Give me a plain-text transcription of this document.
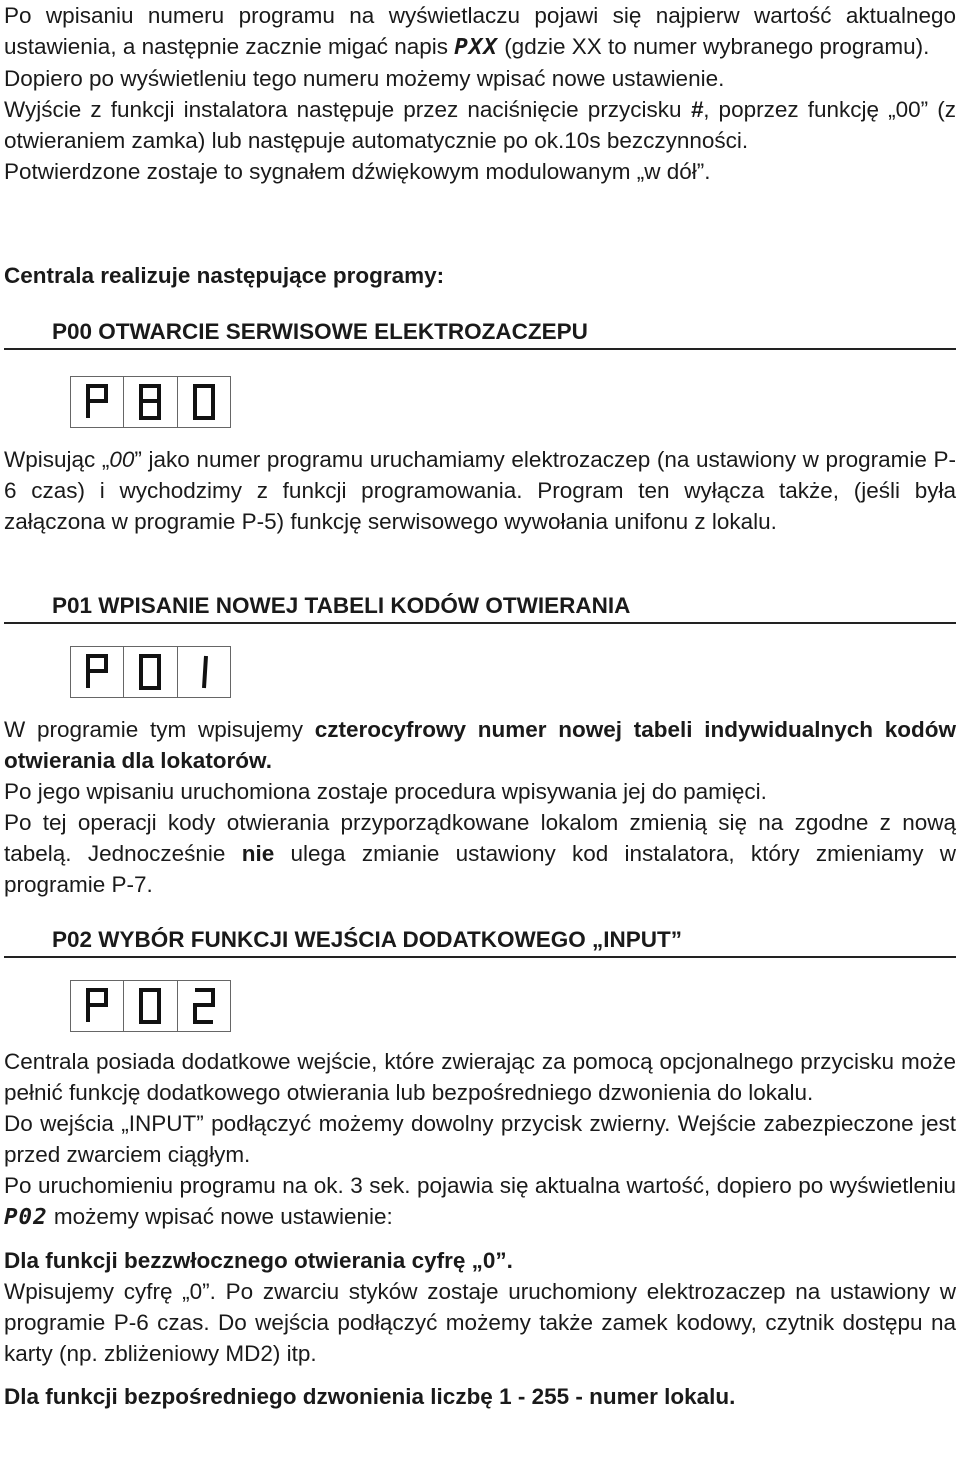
Po wpisaniu numeru programu na wyświetlaczu pojawi się najpierw wartość aktualnego ustawienia, a następnie zacznie migać napis PXX (gdzie XX to numer wybranego programu).

Dopiero po wyświetleniu tego numeru możemy wpisać nowe ustawienie.

Wyjście z funkcji instalatora następuje przez naciśnięcie przycisku #, poprzez funkcję „00” (z otwieraniem zamka) lub następuje automatycznie po ok.10s bezczynności.

Potwierdzone zostaje to sygnałem dźwiękowym modulowanym „w dół”.

Centrala realizuje następujące programy:
P00 OTWARCIE SERWISOWE ELEKTROZACZEPU

Wpisując „00” jako numer programu uruchamiamy elektrozaczep (na ustawiony w programie P-6 czas) i wychodzimy z funkcji programowania. Program ten wyłącza także, (jeśli była załączona w programie P-5) funkcję serwisowego wywołania unifonu z lokalu.

P01 WPISANIE NOWEJ TABELI KODÓW OTWIERANIA

W programie tym wpisujemy czterocyfrowy numer nowej tabeli indywidualnych kodów otwierania dla lokatorów.

Po jego wpisaniu uruchomiona zostaje procedura wpisywania jej do pamięci.

Po tej operacji kody otwierania przyporządkowane lokalom zmienią się na zgodne z nową tabelą. Jednocześnie nie ulega zmianie ustawiony kod instalatora, który zmieniamy w programie P-7.

P02 WYBÓR FUNKCJI WEJŚCIA DODATKOWEGO „INPUT”

Centrala posiada dodatkowe wejście, które zwierając za pomocą opcjonalnego przycisku może pełnić funkcję dodatkowego otwierania lub bezpośredniego dzwonienia do lokalu.

Do wejścia „INPUT” podłączyć możemy dowolny przycisk zwierny. Wejście zabezpieczone jest przed zwarciem ciągłym.

Po uruchomieniu programu na ok. 3 sek. pojawia się aktualna wartość, dopiero po wyświetleniu P02 możemy wpisać nowe ustawienie:

Dla funkcji bezzwłocznego otwierania cyfrę „0”.

Wpisujemy cyfrę „0”. Po zwarciu styków zostaje uruchomiony elektrozaczep na ustawiony w programie P-6 czas. Do wejścia podłączyć możemy także zamek kodowy, czytnik dostępu na karty (np. zbliżeniowy MD2) itp.

Dla funkcji bezpośredniego dzwonienia liczbę 1 - 255 - numer lokalu.
